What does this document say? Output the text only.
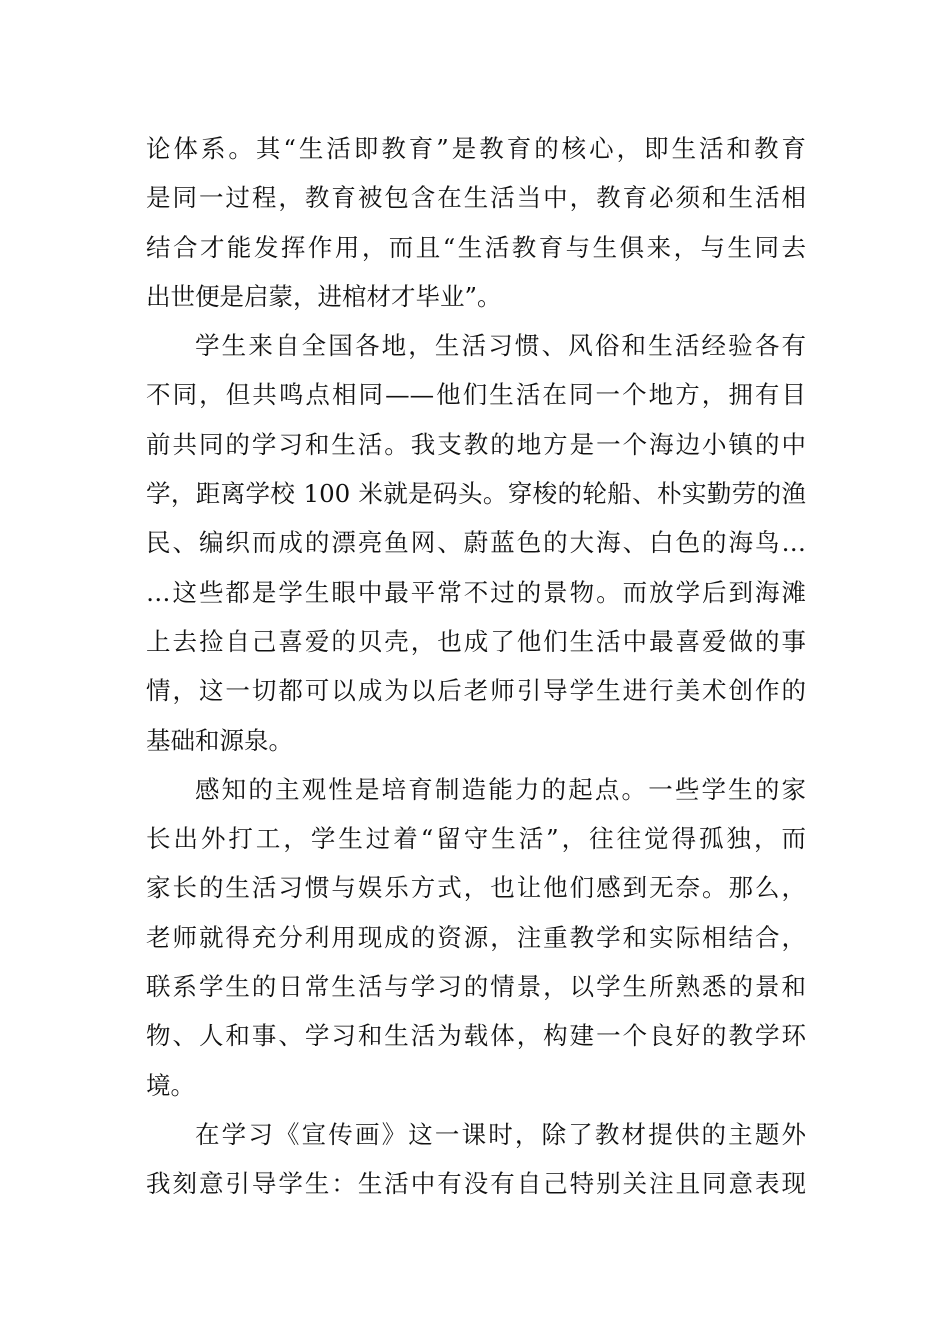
论体系。其“生活即教育”是教育的核心，即生活和教育
是同一过程，教育被包含在生活当中，教育必须和生活相
结合才能发挥作用，而且“生活教育与生俱来，与生同去
出世便是启蒙，进棺材才毕业”。
学生来自全国各地，生活习惯、风俗和生活经验各有
不同，但共鸣点相同——他们生活在同一个地方，拥有目
前共同的学习和生活。我支教的地方是一个海边小镇的中
学，距离学校 100 米就是码头。穿梭的轮船、朴实勤劳的渔
民、编织而成的漂亮鱼网、蔚蓝色的大海、白色的海鸟…
…这些都是学生眼中最平常不过的景物。而放学后到海滩
上去捡自己喜爱的贝壳，也成了他们生活中最喜爱做的事
情，这一切都可以成为以后老师引导学生进行美术创作的
基础和源泉。
感知的主观性是培育制造能力的起点。一些学生的家
长出外打工，学生过着“留守生活”，往往觉得孤独，而
家长的生活习惯与娱乐方式，也让他们感到无奈。那么，
老师就得充分利用现成的资源，注重教学和实际相结合，
联系学生的日常生活与学习的情景，以学生所熟悉的景和
物、人和事、学习和生活为载体，构建一个良好的教学环
境。
在学习《宣传画》这一课时，除了教材提供的主题外
我刻意引导学生：生活中有没有自己特别关注且同意表现
